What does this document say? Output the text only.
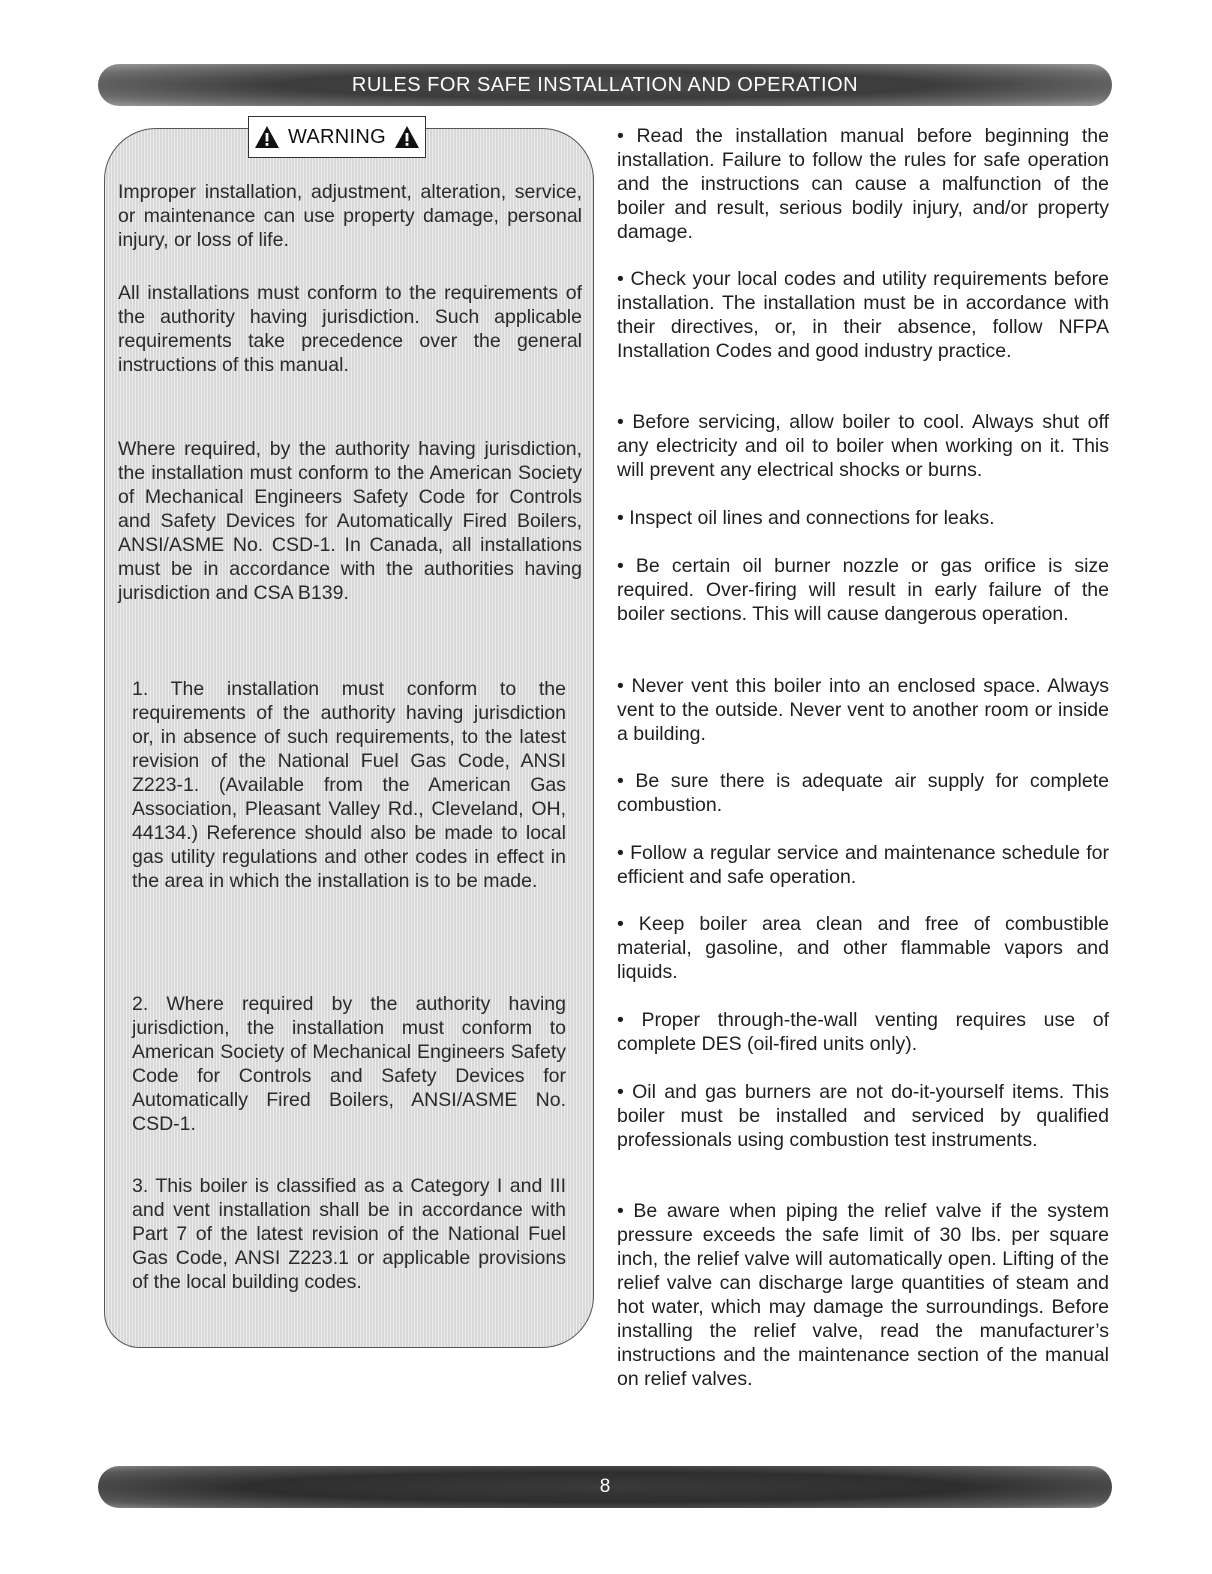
RULES FOR SAFE INSTALLATION AND OPERATION
WARNING

Improper installation, adjustment, alteration, service, or maintenance can use property damage, personal injury, or loss of life.

All installations must conform to the requirements of the authority having jurisdiction. Such applicable requirements take precedence over the general instructions of this manual.

Where required, by the authority having jurisdiction, the installation must conform to the American Society of Mechanical Engineers Safety Code for Controls and Safety Devices for Automatically Fired Boilers, ANSI/ASME No. CSD-1. In Canada, all installations must be in accordance with the authorities having jurisdiction and CSA B139.

1. The installation must conform to the requirements of the authority having jurisdiction or, in absence of such requirements, to the latest revision of the National Fuel Gas Code, ANSI Z223-1. (Available from the American Gas Association, Pleasant Valley Rd., Cleveland, OH, 44134.) Reference should also be made to local gas utility regulations and other codes in effect in the area in which the installation is to be made.

2. Where required by the authority having jurisdiction, the installation must conform to American Society of Mechanical Engineers Safety Code for Controls and Safety Devices for Automatically Fired Boilers, ANSI/ASME No. CSD-1.

3. This boiler is classified as a Category I and III and vent installation shall be in accordance with Part 7 of the latest revision of the National Fuel Gas Code, ANSI Z223.1 or applicable provisions of the local building codes.

• Read the installation manual before beginning the installation. Failure to follow the rules for safe operation and the instructions can cause a malfunction of the boiler and result, serious bodily injury, and/or property damage.

• Check your local codes and utility requirements before installation. The installation must be in accordance with their directives, or, in their absence, follow NFPA Installation Codes and good industry practice.

• Before servicing, allow boiler to cool. Always shut off any electricity and oil to boiler when working on it. This will prevent any electrical shocks or burns.

• Inspect oil lines and connections for leaks.

• Be certain oil burner nozzle or gas orifice is size required. Over-firing will result in early failure of the boiler sections. This will cause dangerous operation.

• Never vent this boiler into an enclosed space. Always vent to the outside. Never vent to another room or inside a building.

• Be sure there is adequate air supply for complete combustion.

• Follow a regular service and maintenance schedule for efficient and safe operation.

• Keep boiler area clean and free of combustible material, gasoline, and other flammable vapors and liquids.

• Proper through-the-wall venting requires use of complete DES (oil-fired units only).

• Oil and gas burners are not do-it-yourself items. This boiler must be installed and serviced by qualified professionals using combustion test instruments.

• Be aware when piping the relief valve if the system pressure exceeds the safe limit of 30 lbs. per square inch, the relief valve will automatically open. Lifting of the relief valve can discharge large quantities of steam and hot water, which may damage the surroundings. Before installing the relief valve, read the manufacturer’s instructions and the maintenance section of the manual on relief valves.

8
